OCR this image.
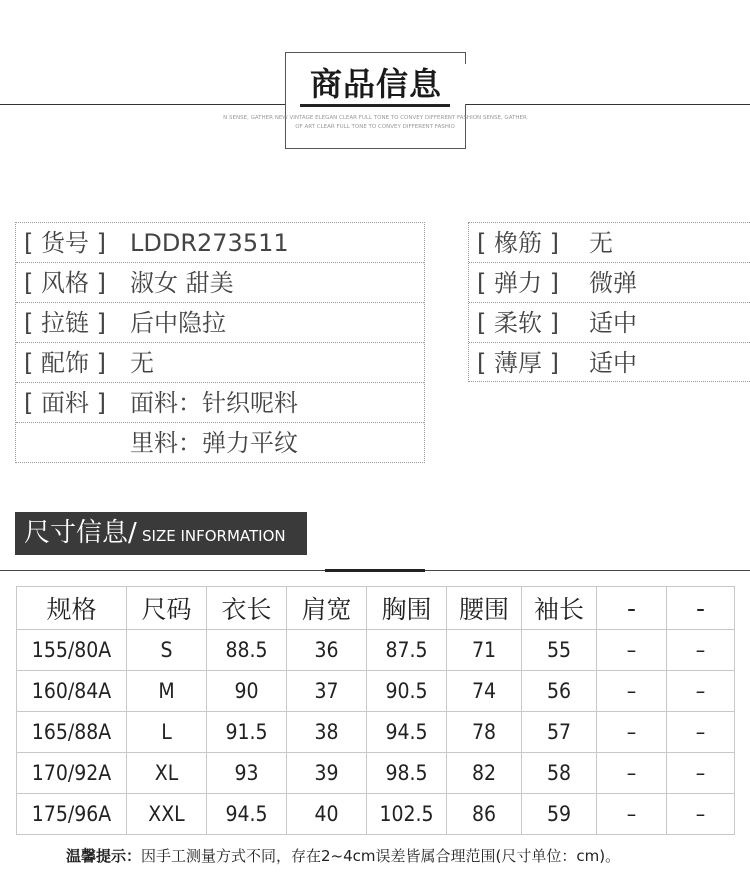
商品信息
N SENSE, GATHER NEW VINTAGE ELEGAN CLEAR FULL TONE TO CONVEY DIFFERENT FASHION SENSE, GATHER
OF ART CLEAR FULL TONE TO CONVEY DIFFERENT FASHIO
[ 货号 ] LDDR273511
[ 风格 ] 淑女 甜美
[ 拉链 ] 后中隐拉
[ 配饰 ] 无
[ 面料 ] 面料：针织呢料
里料：弹力平纹
[ 橡筋 ] 无
[ 弹力 ] 微弹
[ 柔软 ] 适中
[ 薄厚 ] 适中
尺寸信息/ SIZE INFORMATION
规格	尺码	衣长	肩宽	胸围	腰围	袖长	-	-
155/80A	S	88.5	36	87.5	71	55	–	–
160/84A	M	90	37	90.5	74	56	–	–
165/88A	L	91.5	38	94.5	78	57	–	–
170/92A	XL	93	39	98.5	82	58	–	–
175/96A	XXL	94.5	40	102.5	86	59	–	–
温馨提示：因手工测量方式不同，存在2~4cm误差皆属合理范围(尺寸单位：cm)。
